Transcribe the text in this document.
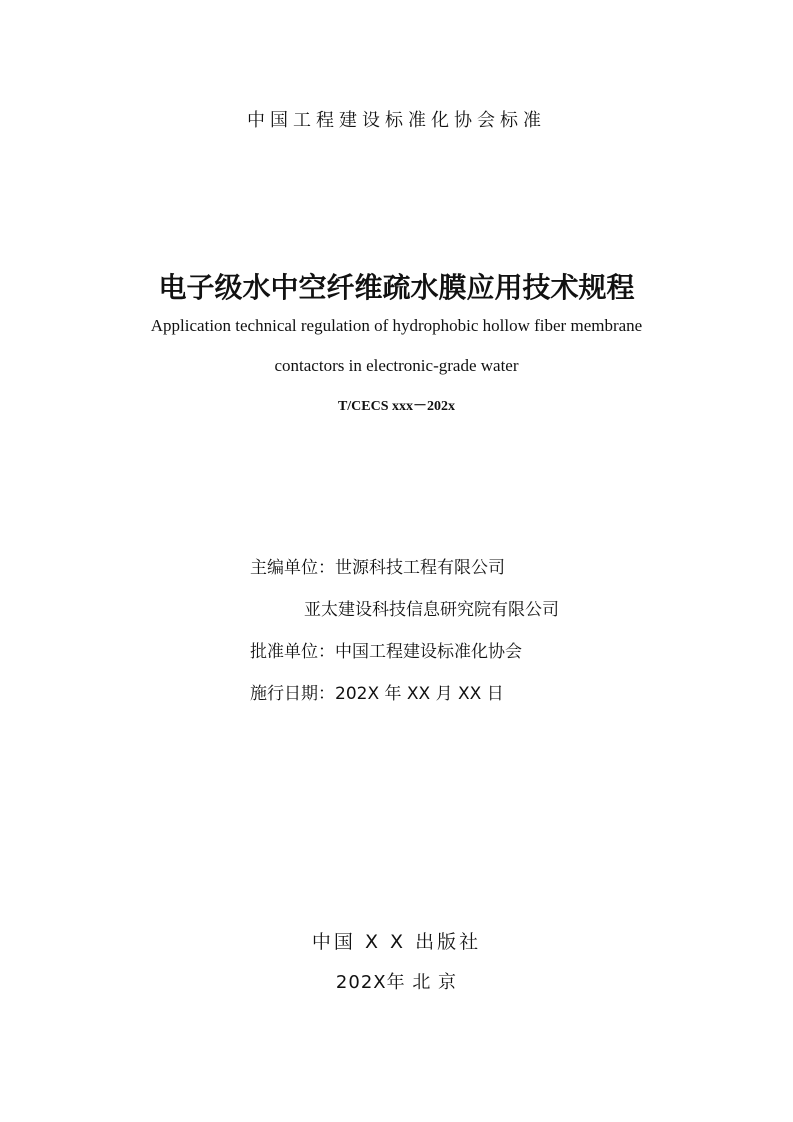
中国工程建设标准化协会标准
电子级水中空纤维疏水膜应用技术规程
Application technical regulation of hydrophobic hollow fiber membrane
contactors in electronic-grade water
T/CECS xxx－202x
主编单位：世源科技工程有限公司
亚太建设科技信息研究院有限公司
批准单位：中国工程建设标准化协会
施行日期：202X 年 XX 月 XX 日
中国 X X 出版社
202X年 北 京
